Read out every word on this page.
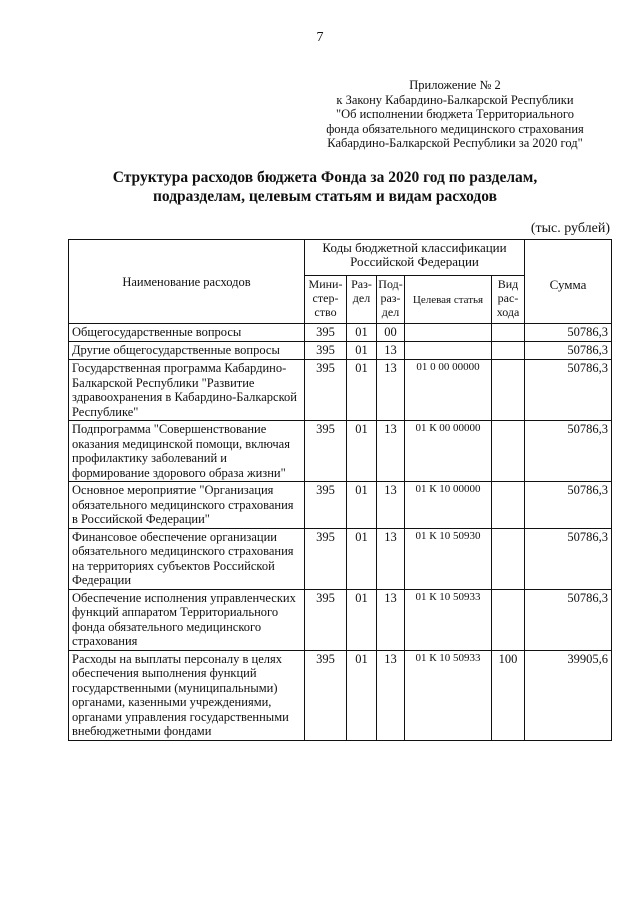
7
Приложение № 2
к Закону Кабардино-Балкарской Республики
"Об исполнении бюджета Территориального
фонда обязательного медицинского страхования
Кабардино-Балкарской Республики за 2020 год"
Структура расходов бюджета Фонда за 2020 год по разделам,
подразделам, целевым статьям и видам расходов
(тыс. рублей)
Наименование расходов	Коды бюджетной классификации Российской Федерации					Сумма
	Мини-стер-ство	Раз-дел	Под-раз-дел	Целевая статья	Вид рас-хода	
Общегосударственные вопросы	395	01	00			50786,3
Другие общегосударственные вопросы	395	01	13			50786,3
Государственная программа Кабардино-Балкарской Республики "Развитие здравоохранения в Кабардино-Балкарской Республике"	395	01	13	01 0 00 00000		50786,3
Подпрограмма "Совершенствование оказания медицинской помощи, включая профилактику заболеваний и формирование здорового образа жизни"	395	01	13	01 К 00 00000		50786,3
Основное мероприятие "Организация обязательного медицинского страхования в Российской Федерации"	395	01	13	01 К 10 00000		50786,3
Финансовое обеспечение организации обязательного медицинского страхования на территориях субъектов Российской Федерации	395	01	13	01 К 10 50930		50786,3
Обеспечение исполнения управленческих функций аппаратом Территориального фонда обязательного медицинского страхования	395	01	13	01 К 10 50933		50786,3
Расходы на выплаты персоналу в целях обеспечения выполнения функций государственными (муниципальными) органами, казенными учреждениями, органами управления государственными внебюджетными фондами	395	01	13	01 К 10 50933	100	39905,6
